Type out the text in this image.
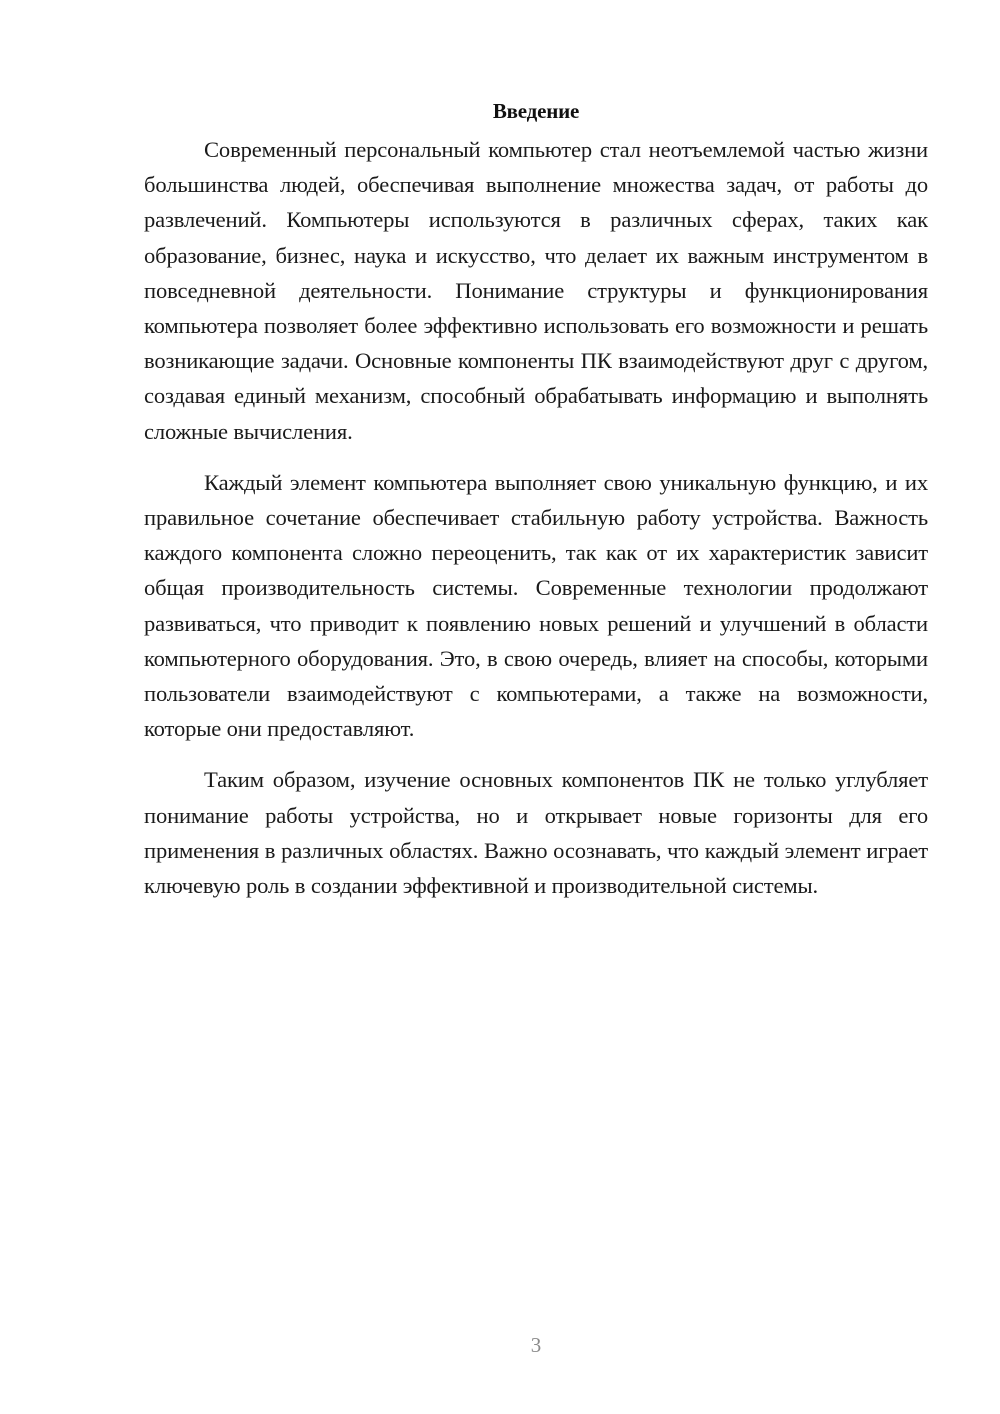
Введение

Современный персональный компьютер стал неотъемлемой частью жизни большинства людей, обеспечивая выполнение множества задач, от работы до развлечений. Компьютеры используются в различных сферах, таких как образование, бизнес, наука и искусство, что делает их важным инструментом в повседневной деятельности. Понимание структуры и функционирования компьютера позволяет более эффективно использовать его возможности и решать возникающие задачи. Основные компоненты ПК взаимодействуют друг с другом, создавая единый механизм, способный обрабатывать информацию и выполнять сложные вычисления.

Каждый элемент компьютера выполняет свою уникальную функцию, и их правильное сочетание обеспечивает стабильную работу устройства. Важность каждого компонента сложно переоценить, так как от их характеристик зависит общая производительность системы. Современные технологии продолжают развиваться, что приводит к появлению новых решений и улучшений в области компьютерного оборудования. Это, в свою очередь, влияет на способы, которыми пользователи взаимодействуют с компьютерами, а также на возможности, которые они предоставляют.

Таким образом, изучение основных компонентов ПК не только углубляет понимание работы устройства, но и открывает новые горизонты для его применения в различных областях. Важно осознавать, что каждый элемент играет ключевую роль в создании эффективной и производительной системы.

3
